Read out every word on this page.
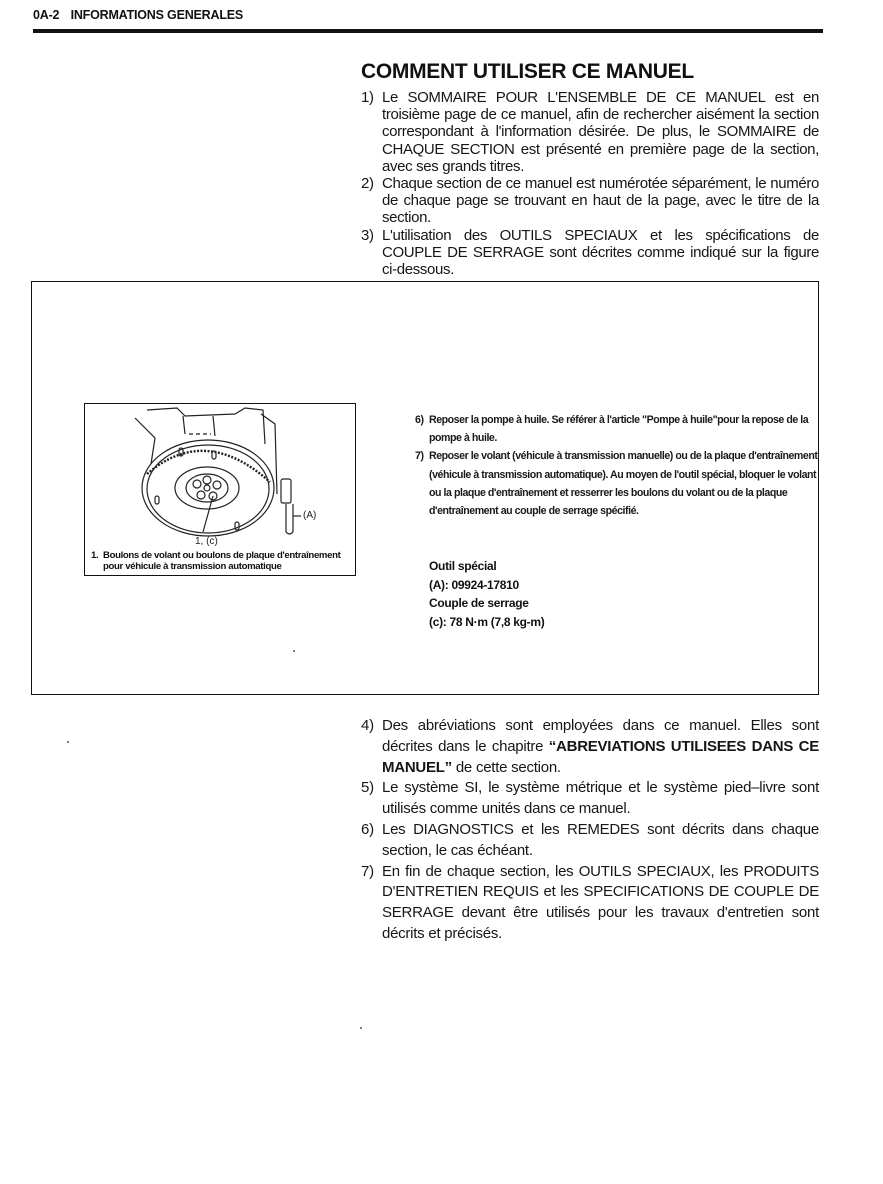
0A-2 INFORMATIONS GENERALES
COMMENT UTILISER CE MANUEL
1) Le SOMMAIRE POUR L'ENSEMBLE DE CE MANUEL est en troisième page de ce manuel, afin de rechercher aisément la section correspondant à l'information désirée. De plus, le SOMMAIRE de CHAQUE SECTION est présenté en première page de la section, avec ses grands titres.
2) Chaque section de ce manuel est numérotée séparément, le numéro de chaque page se trouvant en haut de la page, avec le titre de la section.
3) L'utilisation des OUTILS SPECIAUX et les spécifications de COUPLE DE SERRAGE sont décrites comme indiqué sur la figure ci-dessous.
(A)
1, (c)
1. Boulons de volant ou boulons de plaque d'entraînement pour véhicule à transmission automatique
6) Reposer la pompe à huile. Se référer à l'article "Pompe à huile"pour la repose de la pompe à huile.
7) Reposer le volant (véhicule à transmission manuelle) ou de la plaque d'entraînement (véhicule à transmission automatique). Au moyen de l'outil spécial, bloquer le volant ou la plaque d'entraînement et resserrer les boulons du volant ou de la plaque d'entraînement au couple de serrage spécifié.
Outil spécial
(A): 09924-17810
Couple de serrage
(c): 78 N·m (7,8 kg-m)
4) Des abréviations sont employées dans ce manuel. Elles sont décrites dans le chapitre “ABREVIATIONS UTILISEES DANS CE MANUEL” de cette section.
5) Le système SI, le système métrique et le système pied–livre sont utilisés comme unités dans ce manuel.
6) Les DIAGNOSTICS et les REMEDES sont décrits dans chaque section, le cas échéant.
7) En fin de chaque section, les OUTILS SPECIAUX, les PRODUITS D'ENTRETIEN REQUIS et les SPECIFICATIONS DE COUPLE DE SERRAGE devant être utilisés pour les travaux d'entretien sont décrits et précisés.
